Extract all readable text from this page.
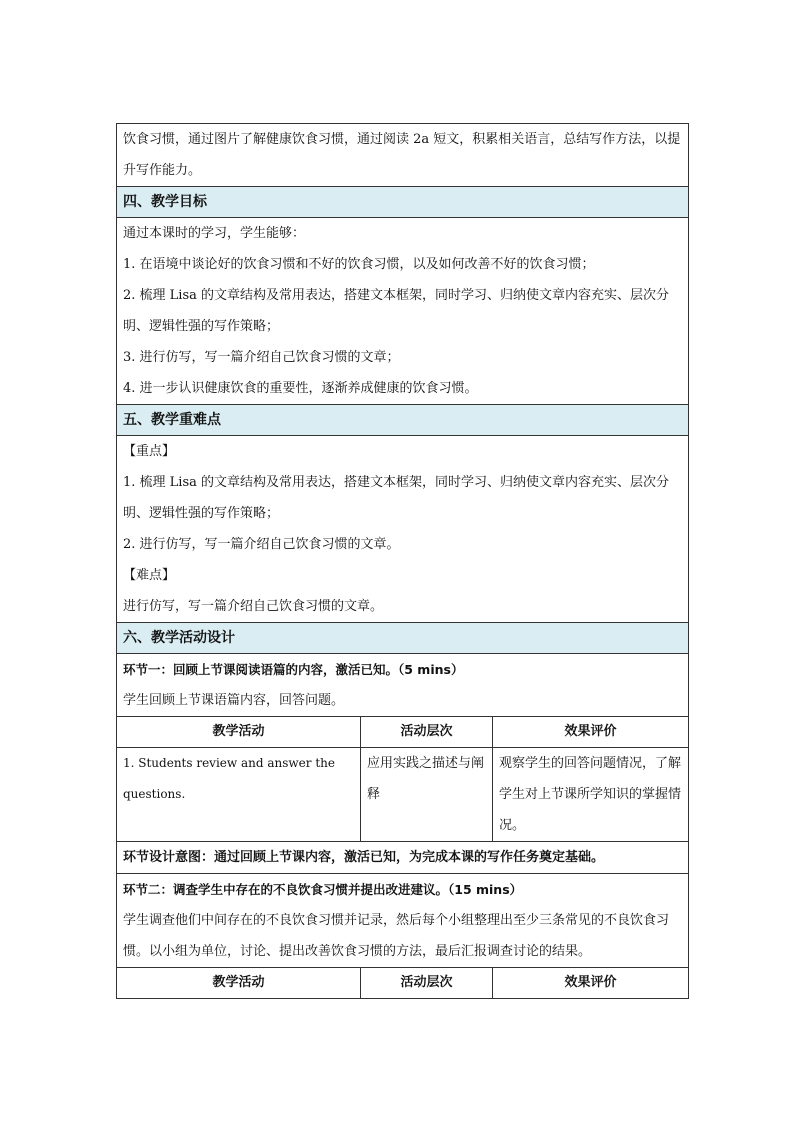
饮食习惯，通过图片了解健康饮食习惯，通过阅读 2a 短文，积累相关语言，总结写作方法，以提升写作能力。		

四、教学目标		

通过本课时的学习，学生能够：

1. 在语境中谈论好的饮食习惯和不好的饮食习惯，以及如何改善不好的饮食习惯；

2. 梳理 Lisa 的文章结构及常用表达，搭建文本框架，同时学习、归纳使文章内容充实、层次分明、逻辑性强的写作策略；

3. 进行仿写，写一篇介绍自己饮食习惯的文章；

4. 进一步认识健康饮食的重要性，逐渐养成健康的饮食习惯。		

五、教学重难点		

【重点】

1. 梳理 Lisa 的文章结构及常用表达，搭建文本框架，同时学习、归纳使文章内容充实、层次分明、逻辑性强的写作策略；

2. 进行仿写，写一篇介绍自己饮食习惯的文章。

【难点】

进行仿写，写一篇介绍自己饮食习惯的文章。		

六、教学活动设计		

环节一：回顾上节课阅读语篇的内容，激活已知。（5 mins）

学生回顾上节课语篇内容，回答问题。		

教学活动	活动层次	效果评价
1. Students review and answer the questions.	应用实践之描述与阐释	观察学生的回答问题情况，了解学生对上节课所学知识的掌握情况。
环节设计意图：通过回顾上节课内容，激活已知，为完成本课的写作任务奠定基础。		

环节二：调查学生中存在的不良饮食习惯并提出改进建议。（15 mins）

学生调查他们中间存在的不良饮食习惯并记录，然后每个小组整理出至少三条常见的不良饮食习惯。以小组为单位，讨论、提出改善饮食习惯的方法，最后汇报调查讨论的结果。		

教学活动	活动层次	效果评价
